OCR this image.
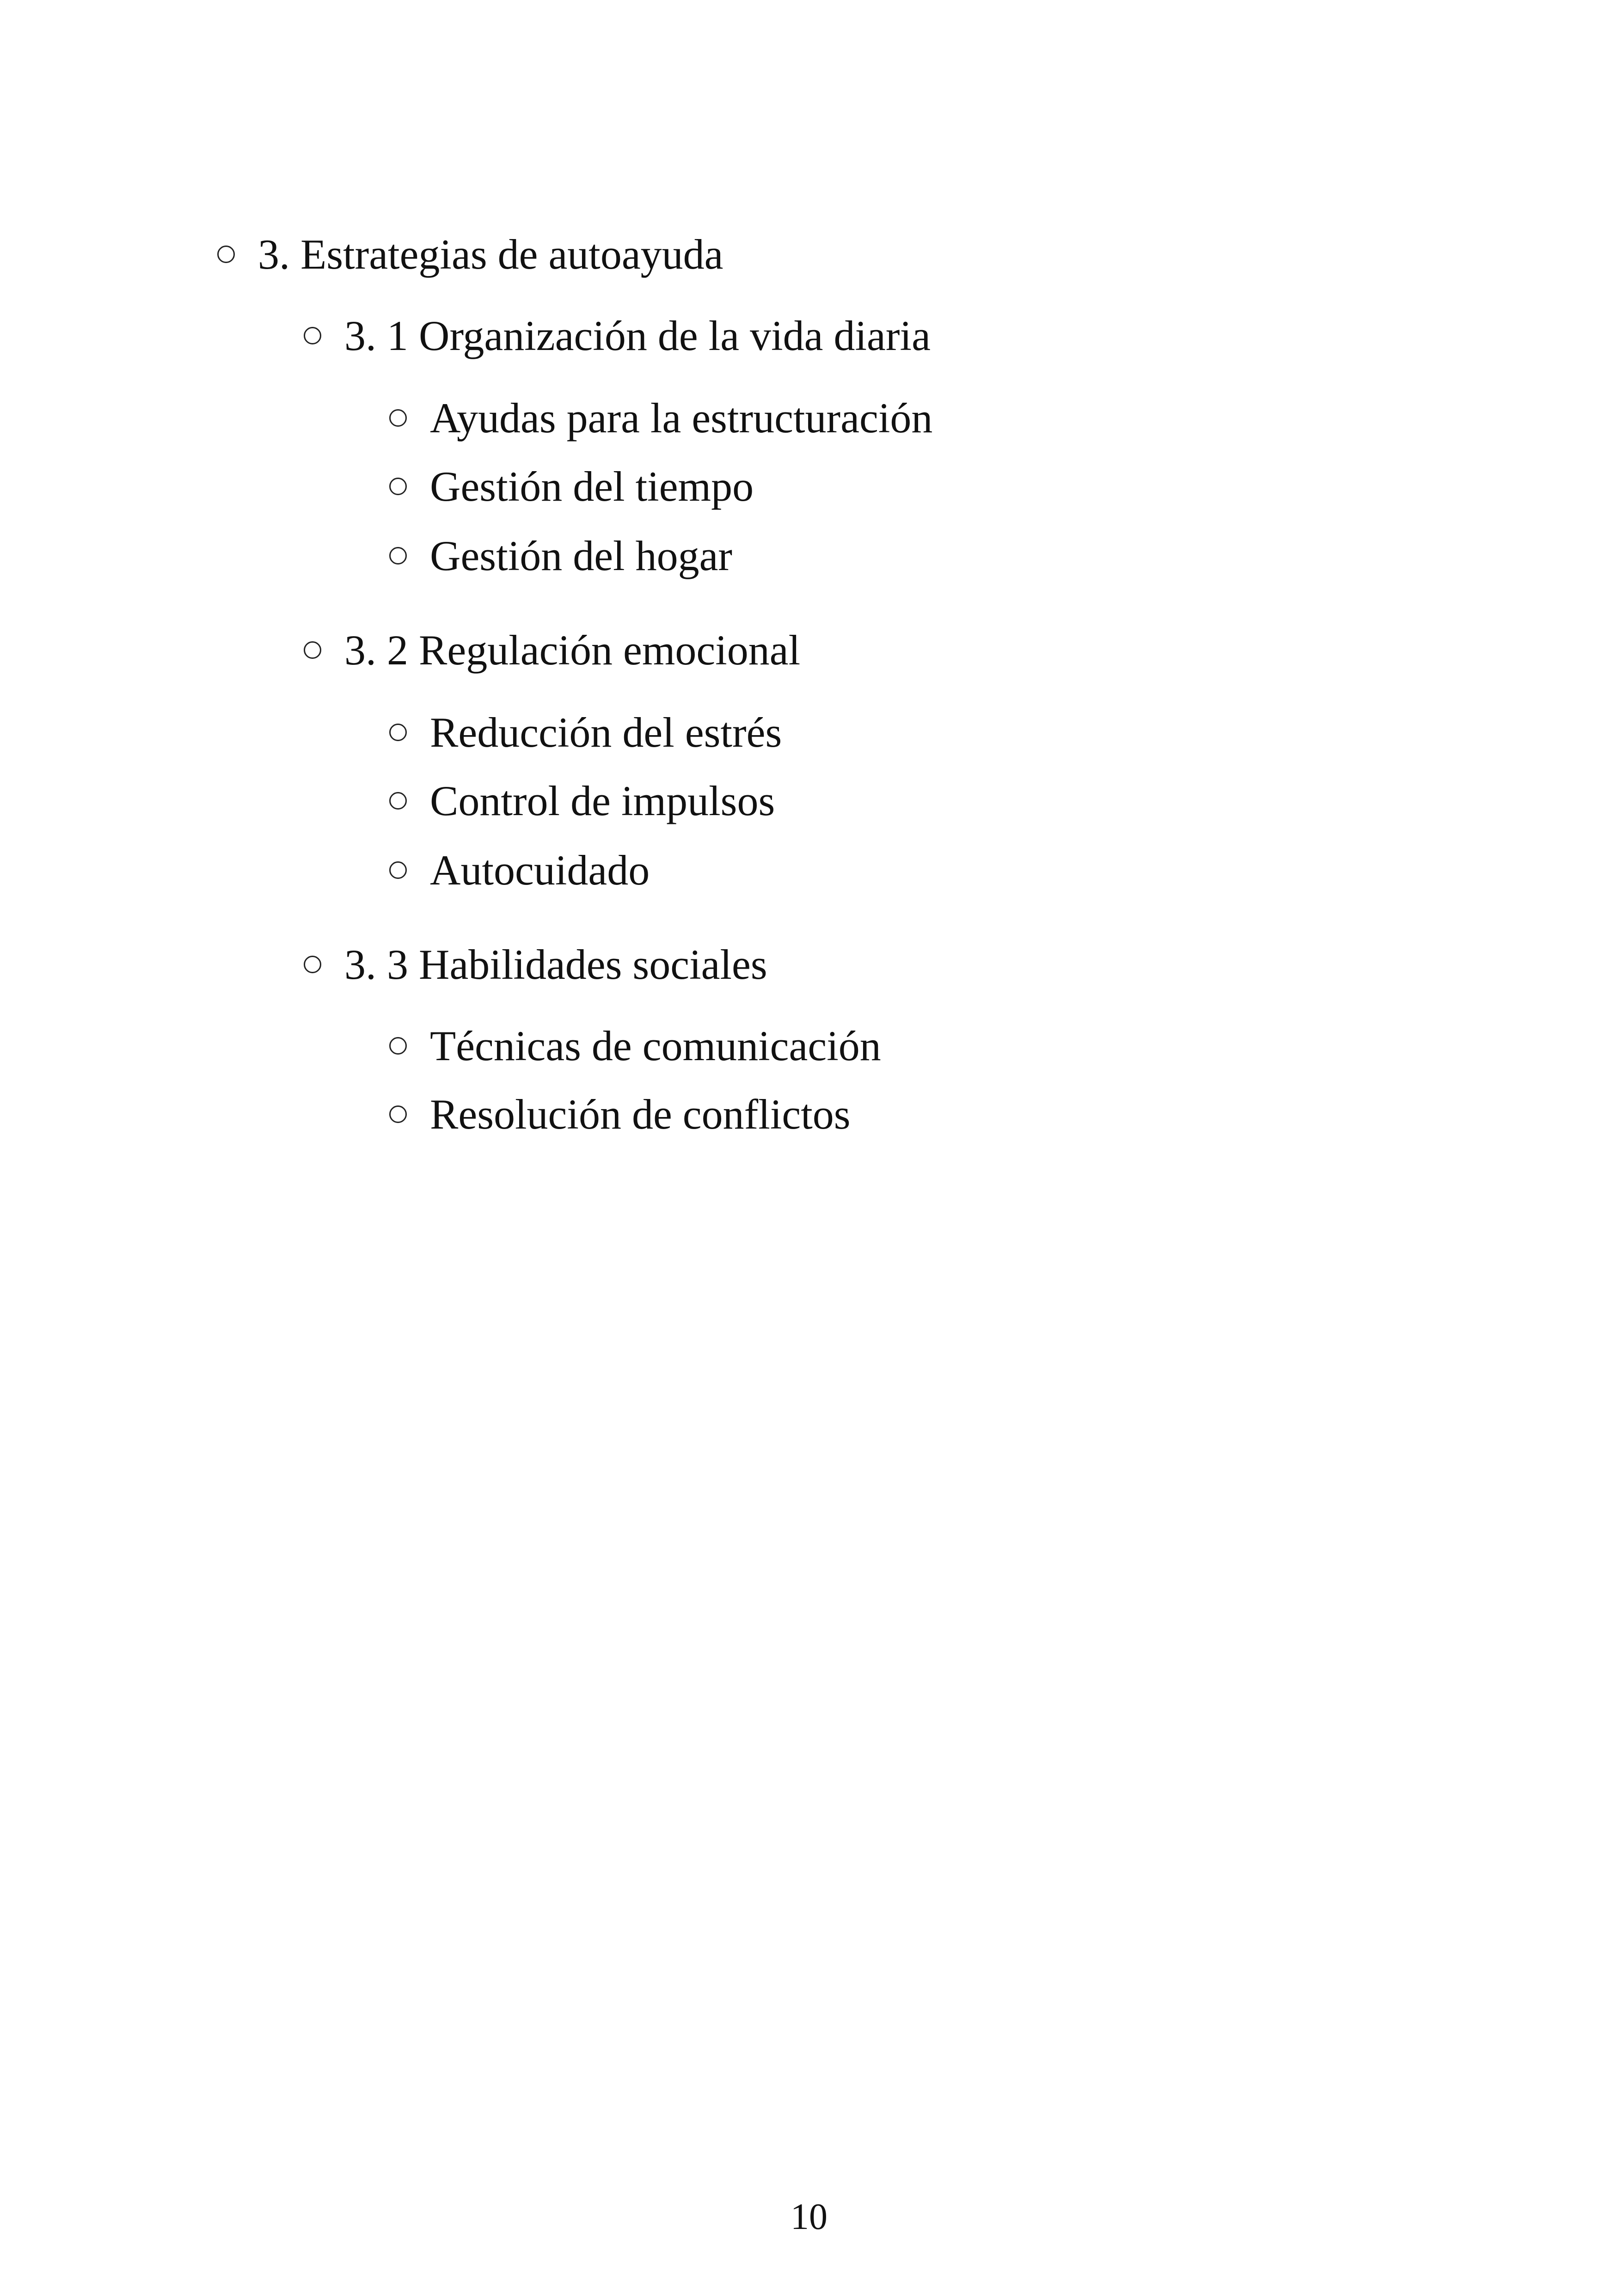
3. Estrategias de autoayuda
3. 1 Organización de la vida diaria
Ayudas para la estructuración
Gestión del tiempo
Gestión del hogar
3. 2 Regulación emocional
Reducción del estrés
Control de impulsos
Autocuidado
3. 3 Habilidades sociales
Técnicas de comunicación
Resolución de conflictos
10
